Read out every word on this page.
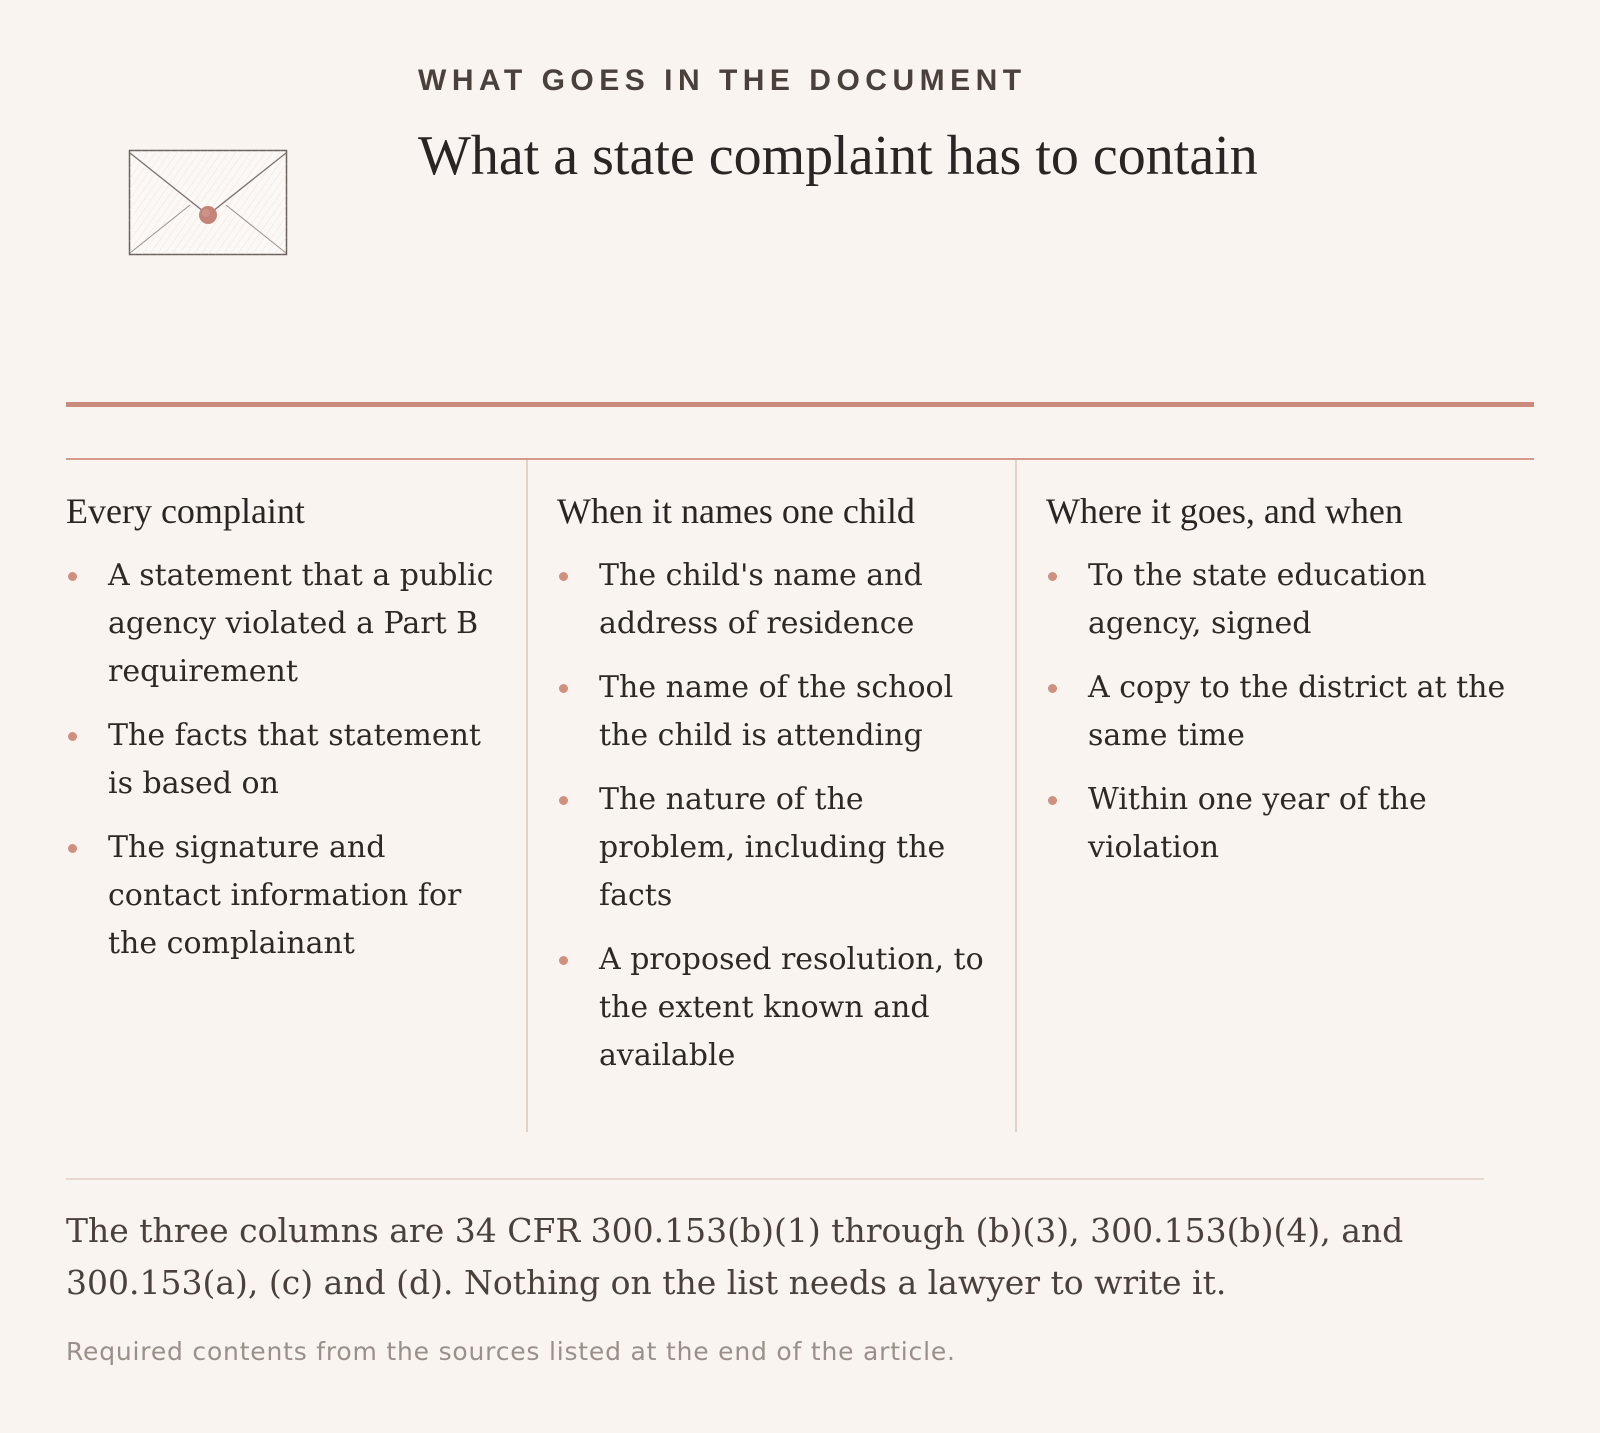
WHAT GOES IN THE DOCUMENT
What a state complaint has to contain
Every complaint
A statement that a public agency violated a Part B requirement
The facts that statement is based on
The signature and contact information for the complainant
When it names one child
The child's name and address of residence
The name of the school the child is attending
The nature of the problem, including the facts
A proposed resolution, to the extent known and available
Where it goes, and when
To the state education agency, signed
A copy to the district at the same time
Within one year of the violation

The three columns are 34 CFR 300.153(b)(1) through (b)(3), 300.153(b)(4), and 300.153(a), (c) and (d). Nothing on the list needs a lawyer to write it.

Required contents from the sources listed at the end of the article.
